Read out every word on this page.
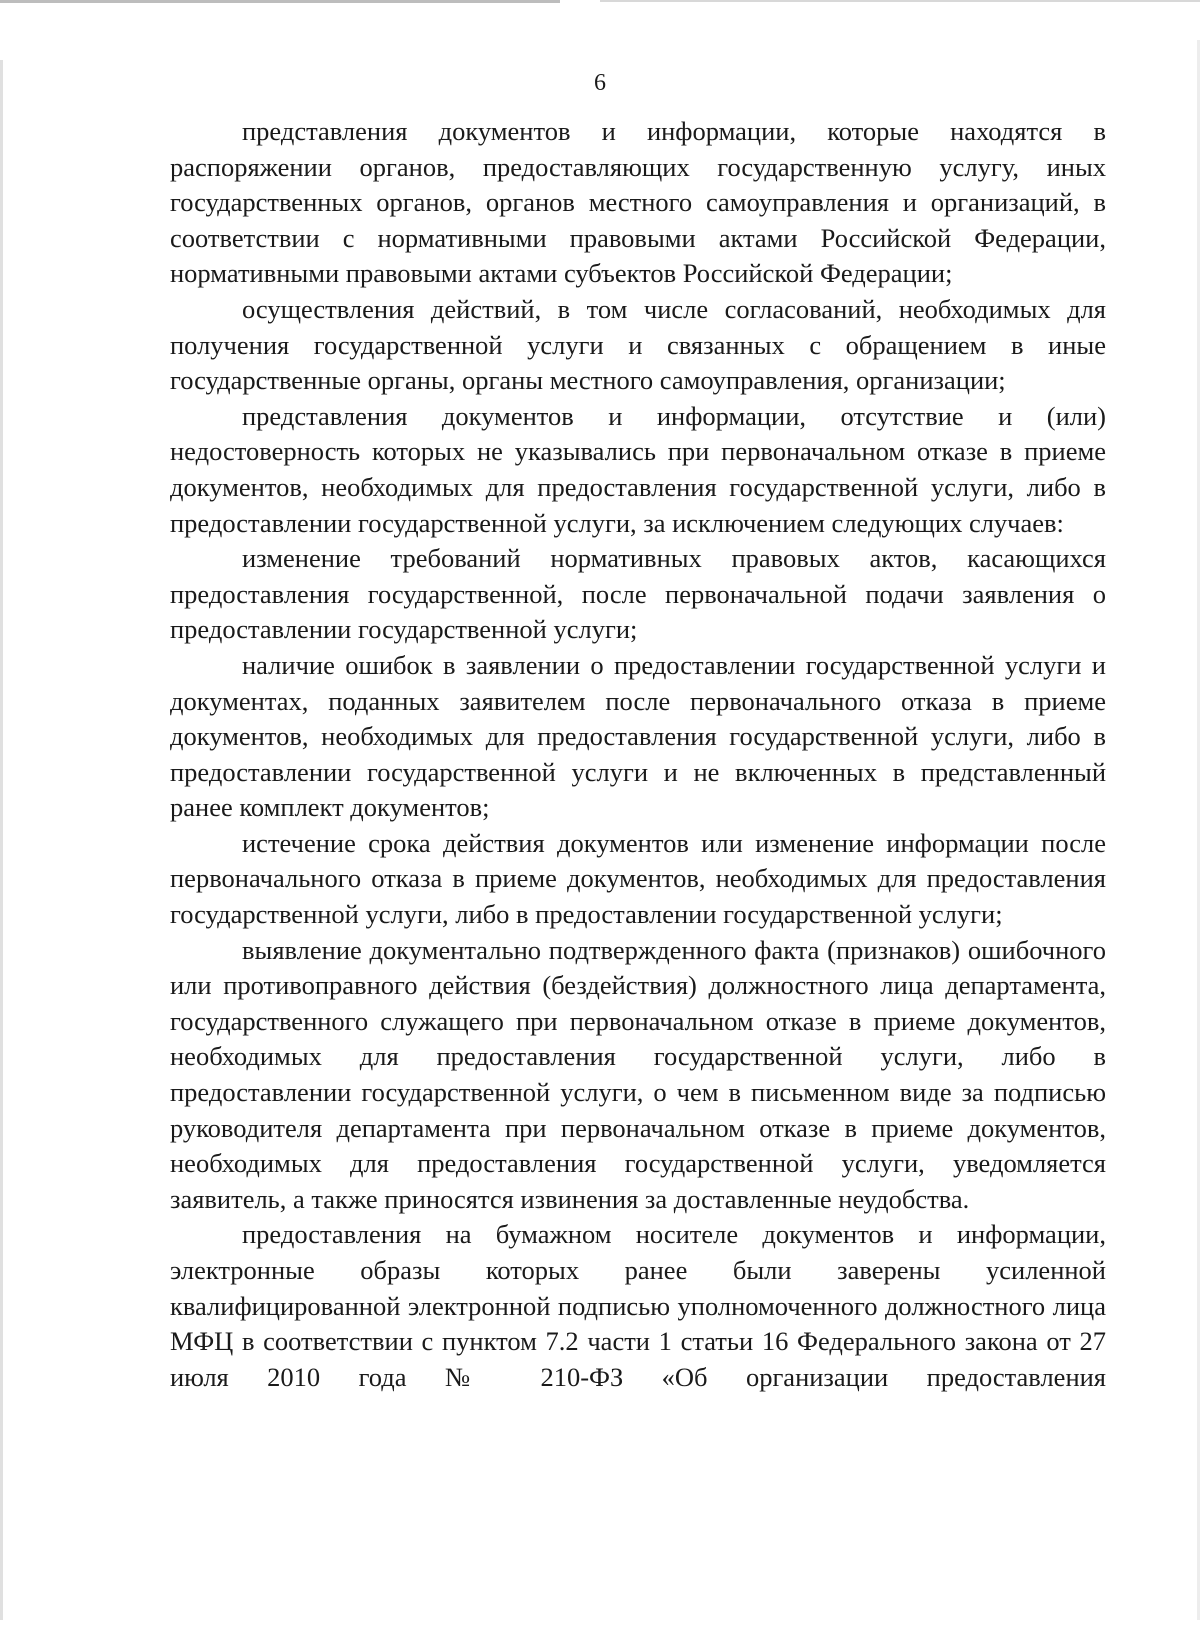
6

представления документов и информации, которые находятся в распоряжении органов, предоставляющих государственную услугу, иных государственных органов, органов местного самоуправления и организаций, в соответствии с нормативными правовыми актами Российской Федерации, нормативными правовыми актами субъектов Российской Федерации;

осуществления действий, в том числе согласований, необходимых для получения государственной услуги и связанных с обращением в иные государственные органы, органы местного самоуправления, организации;

представления документов и информации, отсутствие и (или) недостоверность которых не указывались при первоначальном отказе в приеме документов, необходимых для предоставления государственной услуги, либо в предоставлении государственной услуги, за исключением следующих случаев:

изменение требований нормативных правовых актов, касающихся предоставления государственной, после первоначальной подачи заявления о предоставлении государственной услуги;

наличие ошибок в заявлении о предоставлении государственной услуги и документах, поданных заявителем после первоначального отказа в приеме документов, необходимых для предоставления государственной услуги, либо в предоставлении государственной услуги и не включенных в представленный ранее комплект документов;

истечение срока действия документов или изменение информации после первоначального отказа в приеме документов, необходимых для предоставления государственной услуги, либо в предоставлении государственной услуги;

выявление документально подтвержденного факта (признаков) ошибочного или противоправного действия (бездействия) должностного лица департамента, государственного служащего при первоначальном отказе в приеме документов, необходимых для предоставления государственной услуги, либо в предоставлении государственной услуги, о чем в письменном виде за подписью руководителя департамента при первоначальном отказе в приеме документов, необходимых для предоставления государственной услуги, уведомляется заявитель, а также приносятся извинения за доставленные неудобства.

предоставления на бумажном носителе документов и информации, электронные образы которых ранее были заверены усиленной квалифицированной электронной подписью уполномоченного должностного лица МФЦ в соответствии с пунктом 7.2 части 1 статьи 16 Федерального закона от 27 июля 2010 года № 210-ФЗ «Об организации предоставления
